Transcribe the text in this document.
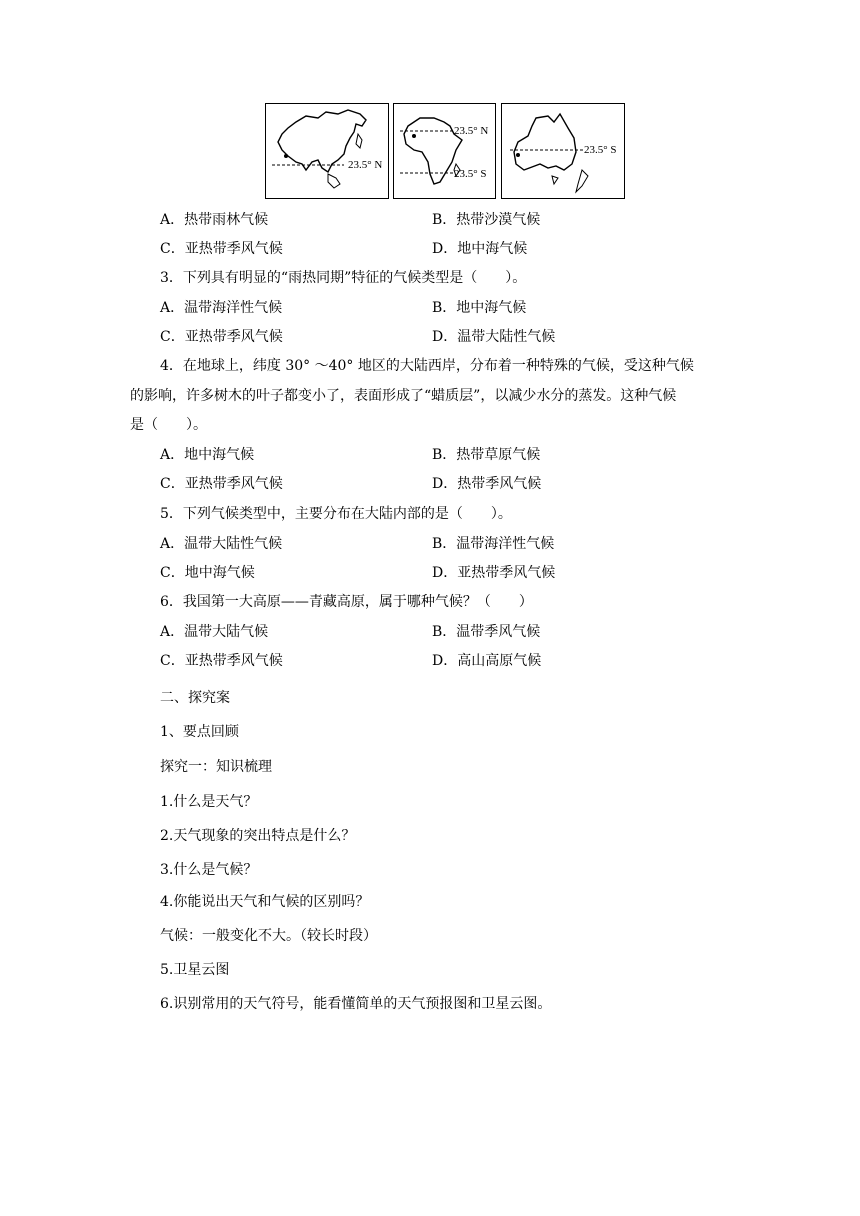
23.5° N
23.5° N
23.5° S
23.5° S
A．热带雨林气候	B．热带沙漠气候
C．亚热带季风气候	D．地中海气候
3．下列具有明显的“雨热同期”特征的气候类型是（　　）。
A．温带海洋性气候	B．地中海气候
C．亚热带季风气候	D．温带大陆性气候
4．在地球上，纬度 30° ～40° 地区的大陆西岸，分布着一种特殊的气候，受这种气候
的影响，许多树木的叶子都变小了，表面形成了“蜡质层”，以减少水分的蒸发。这种气候
是（　　）。
A．地中海气候	B．热带草原气候
C．亚热带季风气候	D．热带季风气候
5．下列气候类型中，主要分布在大陆内部的是（　　）。
A．温带大陆性气候	B．温带海洋性气候
C．地中海气候	D．亚热带季风气候
6．我国第一大高原——青藏高原，属于哪种气候？（　　）
A．温带大陆气候	B．温带季风气候
C．亚热带季风气候	D．高山高原气候
二、探究案
1、要点回顾
探究一：知识梳理
1.什么是天气？
2.天气现象的突出特点是什么？
3.什么是气候？
4.你能说出天气和气候的区别吗？
气候：一般变化不大。（较长时段）
5.卫星云图
6.识别常用的天气符号，能看懂简单的天气预报图和卫星云图。
